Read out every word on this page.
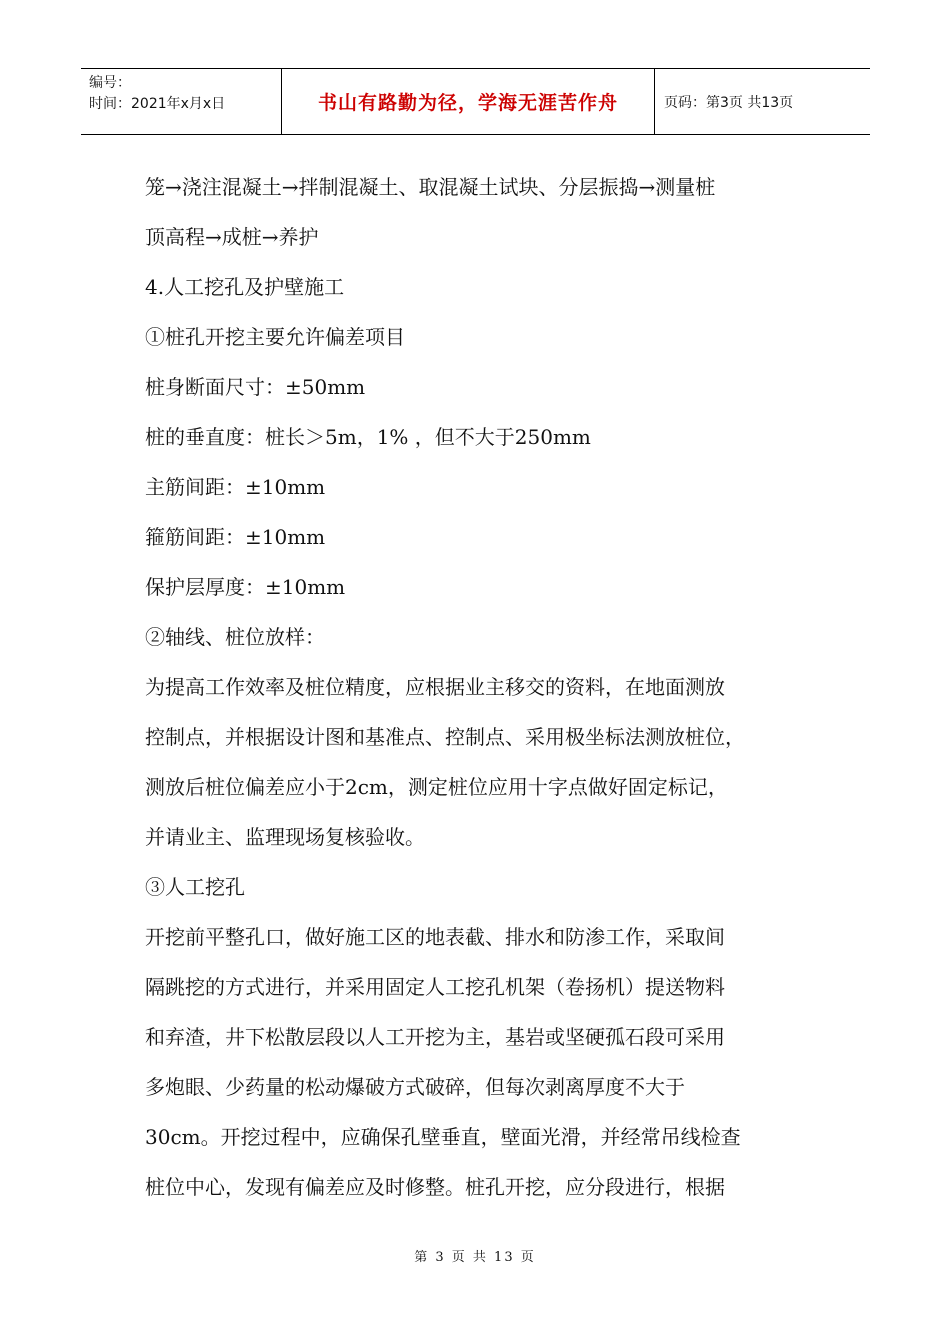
编号：
时间：2021年x月x日	书山有路勤为径，学海无涯苦作舟	页码：第3页 共13页
笼→浇注混凝土→拌制混凝土、取混凝土试块、分层振捣→测量桩
顶高程→成桩→养护
4.人工挖孔及护壁施工
①桩孔开挖主要允许偏差项目
桩身断面尺寸：±50mm
桩的垂直度：桩长＞5m，1% ，但不大于250mm
主筋间距：±10mm
箍筋间距：±10mm
保护层厚度：±10mm
②轴线、桩位放样：
为提高工作效率及桩位精度，应根据业主移交的资料，在地面测放
控制点，并根据设计图和基准点、控制点、采用极坐标法测放桩位，
测放后桩位偏差应小于2cm，测定桩位应用十字点做好固定标记，
并请业主、监理现场复核验收。
③人工挖孔
开挖前平整孔口，做好施工区的地表截、排水和防渗工作，采取间
隔跳挖的方式进行，并采用固定人工挖孔机架（卷扬机）提送物料
和弃渣，井下松散层段以人工开挖为主，基岩或坚硬孤石段可采用
多炮眼、少药量的松动爆破方式破碎，但每次剥离厚度不大于
30cm。开挖过程中，应确保孔壁垂直，壁面光滑，并经常吊线检查
桩位中心，发现有偏差应及时修整。桩孔开挖，应分段进行，根据
第 3 页 共 13 页
